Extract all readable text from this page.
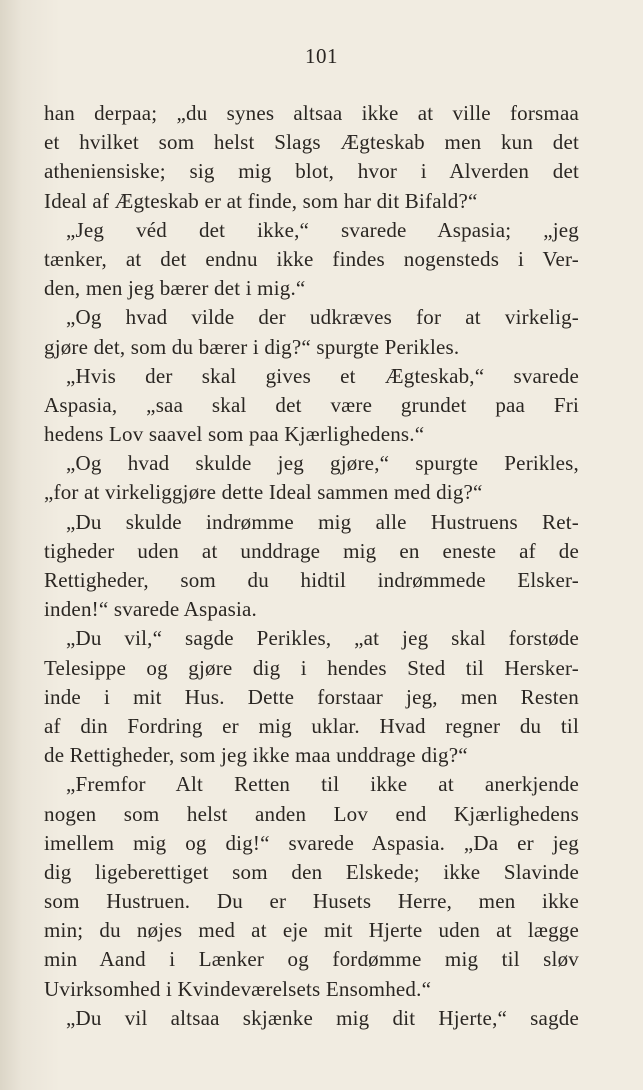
101
han derpaa; „du synes altsaa ikke at ville forsmaa
et hvilket som helst Slags Ægteskab men kun det
atheniensiske; sig mig blot, hvor i Alverden det
Ideal af Ægteskab er at finde, som har dit Bifald?“
„Jeg véd det ikke,“ svarede Aspasia; „jeg
tænker, at det endnu ikke findes nogensteds i Ver-
den, men jeg bærer det i mig.“
„Og hvad vilde der udkræves for at virkelig-
gjøre det, som du bærer i dig?“ spurgte Perikles.
„Hvis der skal gives et Ægteskab,“ svarede
Aspasia, „saa skal det være grundet paa Fri
hedens Lov saavel som paa Kjærlighedens.“
„Og hvad skulde jeg gjøre,“ spurgte Perikles,
„for at virkeliggjøre dette Ideal sammen med dig?“
„Du skulde indrømme mig alle Hustruens Ret-
tigheder uden at unddrage mig en eneste af de
Rettigheder, som du hidtil indrømmede Elsker-
inden!“ svarede Aspasia.
„Du vil,“ sagde Perikles, „at jeg skal forstøde
Telesippe og gjøre dig i hendes Sted til Hersker-
inde i mit Hus. Dette forstaar jeg, men Resten
af din Fordring er mig uklar. Hvad regner du til
de Rettigheder, som jeg ikke maa unddrage dig?“
„Fremfor Alt Retten til ikke at anerkjende
nogen som helst anden Lov end Kjærlighedens
imellem mig og dig!“ svarede Aspasia. „Da er jeg
dig ligeberettiget som den Elskede; ikke Slavinde
som Hustruen. Du er Husets Herre, men ikke
min; du nøjes med at eje mit Hjerte uden at lægge
min Aand i Lænker og fordømme mig til sløv
Uvirksomhed i Kvindeværelsets Ensomhed.“
„Du vil altsaa skjænke mig dit Hjerte,“ sagde
